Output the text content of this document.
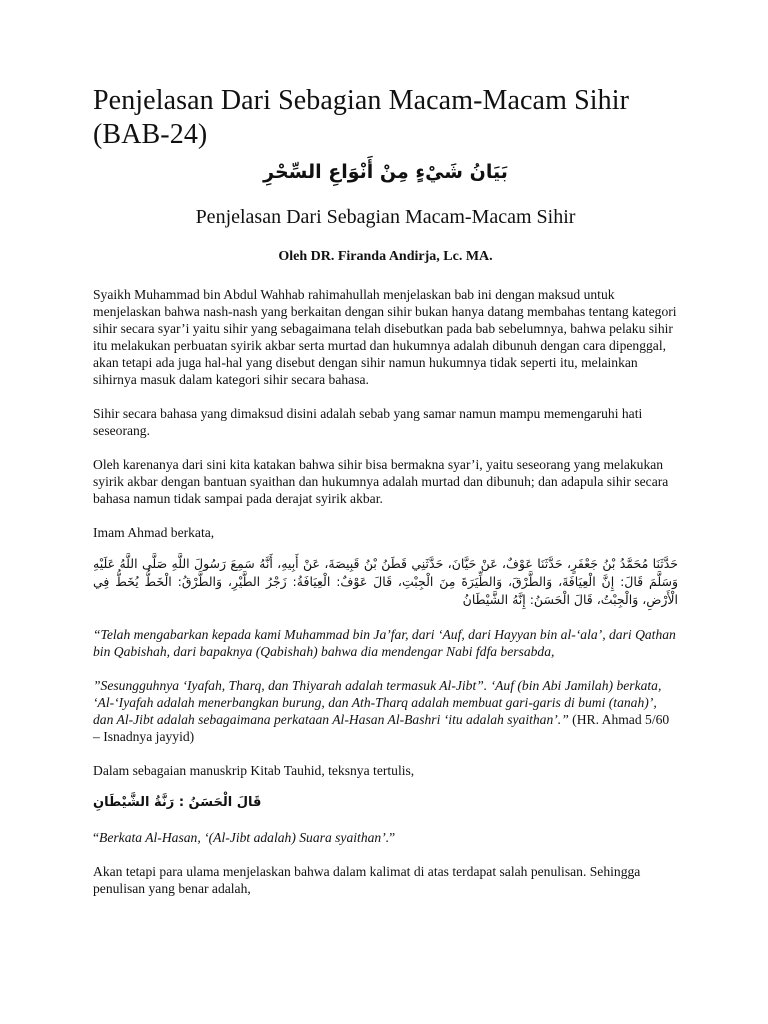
Penjelasan Dari Sebagian Macam-Macam Sihir (BAB-24)
بَيَانُ شَيْءٍ مِنْ أَنْوَاعِ السِّحْرِ
Penjelasan Dari Sebagian Macam-Macam Sihir
Oleh DR. Firanda Andirja, Lc. MA.

Syaikh Muhammad bin Abdul Wahhab rahimahullah menjelaskan bab ini dengan maksud untuk menjelaskan bahwa nash-nash yang berkaitan dengan sihir bukan hanya datang membahas tentang kategori sihir secara syar’i yaitu sihir yang sebagaimana telah disebutkan pada bab sebelumnya, bahwa pelaku sihir itu melakukan perbuatan syirik akbar serta murtad dan hukumnya adalah dibunuh dengan cara dipenggal, akan tetapi ada juga hal-hal yang disebut dengan sihir namun hukumnya tidak seperti itu, melainkan sihirnya masuk dalam kategori sihir secara bahasa.

Sihir secara bahasa yang dimaksud disini adalah sebab yang samar namun mampu memengaruhi hati seseorang.

Oleh karenanya dari sini kita katakan bahwa sihir bisa bermakna syar’i, yaitu seseorang yang melakukan syirik akbar dengan bantuan syaithan dan hukumnya adalah murtad dan dibunuh; dan adapula sihir secara bahasa namun tidak sampai pada derajat syirik akbar.

Imam Ahmad berkata,

حَدَّثَنَا مُحَمَّدُ بْنُ جَعْفَرٍ، حَدَّثَنَا عَوْفٌ، عَنْ حَيَّانَ، حَدَّثَنِي قَطَنُ بْنُ قَبِيصَةَ، عَنْ أَبِيهِ، أَنَّهُ سَمِعَ رَسُولَ اللَّهِ صَلَّى اللَّهُ عَلَيْهِ وَسَلَّمَ قَالَ: إِنَّ الْعِيَافَةَ، وَالطَّرْقَ، وَالطِّيَرَةَ مِنَ الْجِبْتِ، قَالَ عَوْفٌ: الْعِيَافَةُ: زَجْرُ الطَّيْرِ، وَالطَّرْقُ: الْخَطُّ يُخَطُّ فِي الْأَرْضِ، وَالْجِبْتُ، قَالَ الْحَسَنُ: إِنَّهُ الشَّيْطَانُ

“Telah mengabarkan kepada kami Muhammad bin Ja’far, dari ‘Auf, dari Hayyan bin al-‘ala’, dari Qathan bin Qabishah, dari bapaknya (Qabishah) bahwa dia mendengar Nabi fdfa bersabda,

”Sesungguhnya ‘Iyafah, Tharq, dan Thiyarah adalah termasuk Al-Jibt”. ‘Auf (bin Abi Jamilah) berkata, ‘Al-‘Iyafah adalah menerbangkan burung, dan Ath-Tharq adalah membuat gari-garis di bumi (tanah)’, dan Al-Jibt adalah sebagaimana perkataan Al-Hasan Al-Bashri ‘itu adalah syaithan’.” (HR. Ahmad 5/60 – Isnadnya jayyid)

Dalam sebagaian manuskrip Kitab Tauhid, teksnya tertulis,

قَالَ الْحَسَنُ : رَنَّةُ الشَّيْطَانِ

“Berkata Al-Hasan, ‘(Al-Jibt adalah) Suara syaithan’.”

Akan tetapi para ulama menjelaskan bahwa dalam kalimat di atas terdapat salah penulisan. Sehingga penulisan yang benar adalah,
